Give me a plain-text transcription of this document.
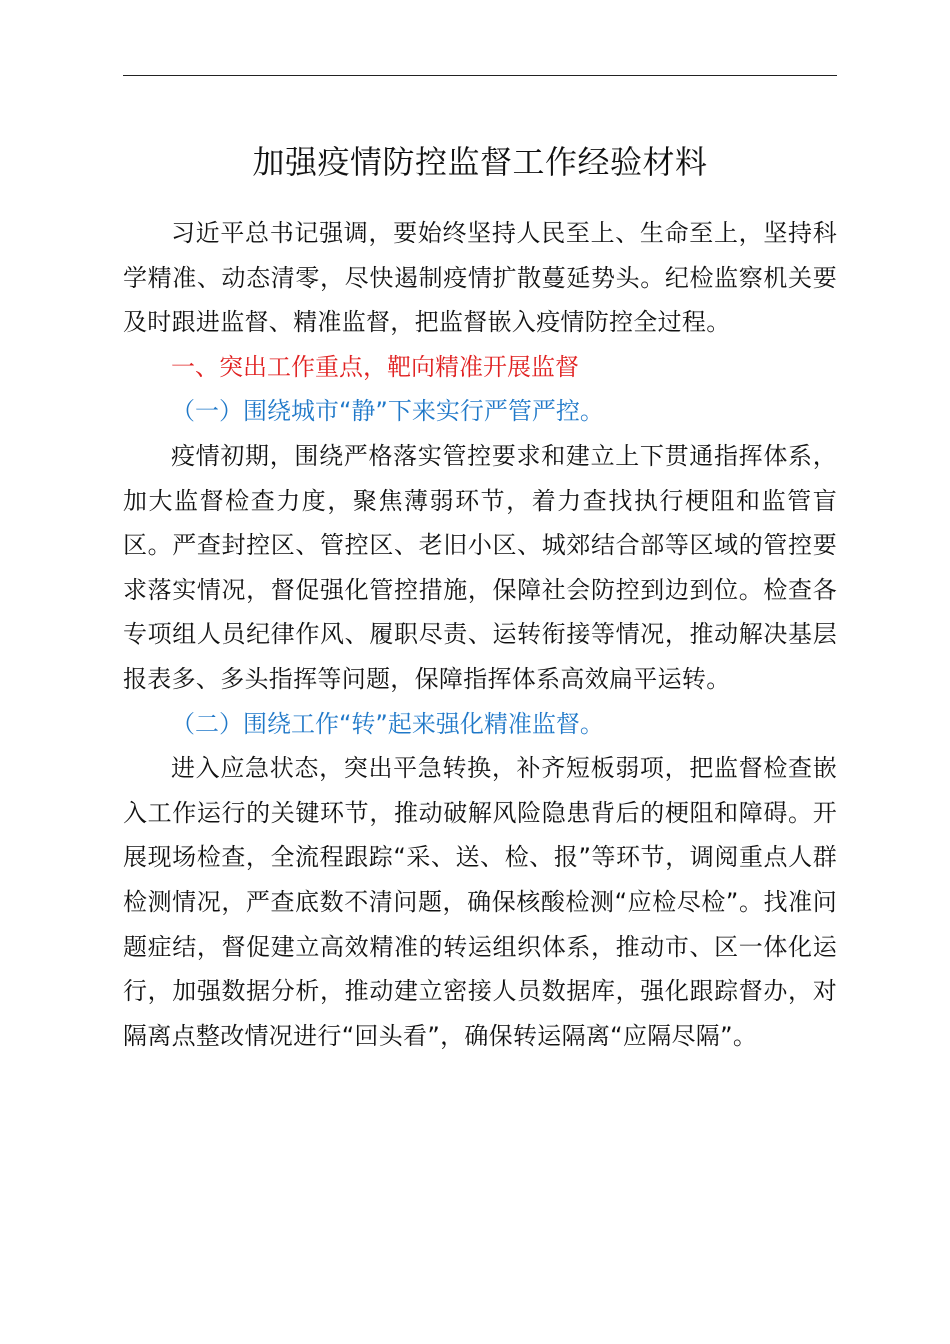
加强疫情防控监督工作经验材料

习近平总书记强调，要始终坚持人民至上、生命至上，坚持科学精准、动态清零，尽快遏制疫情扩散蔓延势头。纪检监察机关要及时跟进监督、精准监督，把监督嵌入疫情防控全过程。

一、突出工作重点，靶向精准开展监督

（一）围绕城市“静”下来实行严管严控。

疫情初期，围绕严格落实管控要求和建立上下贯通指挥体系，加大监督检查力度，聚焦薄弱环节，着力查找执行梗阻和监管盲区。严查封控区、管控区、老旧小区、城郊结合部等区域的管控要求落实情况，督促强化管控措施，保障社会防控到边到位。检查各专项组人员纪律作风、履职尽责、运转衔接等情况，推动解决基层报表多、多头指挥等问题，保障指挥体系高效扁平运转。

（二）围绕工作“转”起来强化精准监督。

进入应急状态，突出平急转换，补齐短板弱项，把监督检查嵌入工作运行的关键环节，推动破解风险隐患背后的梗阻和障碍。开展现场检查，全流程跟踪“采、送、检、报”等环节，调阅重点人群检测情况，严查底数不清问题，确保核酸检测“应检尽检”。找准问题症结，督促建立高效精准的转运组织体系，推动市、区一体化运行，加强数据分析，推动建立密接人员数据库，强化跟踪督办，对隔离点整改情况进行“回头看”，确保转运隔离“应隔尽隔”。
